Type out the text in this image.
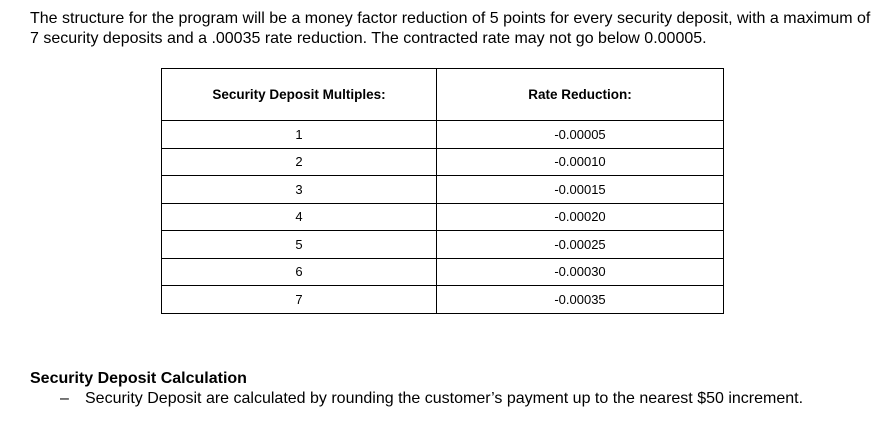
The structure for the program will be a money factor reduction of 5 points for every security deposit, with a maximum of 7 security deposits and a .00035 rate reduction. The contracted rate may not go below 0.00005.

Security Deposit Multiples:	Rate Reduction:
1	-0.00005
2	-0.00010
3	-0.00015
4	-0.00020
5	-0.00025
6	-0.00030
7	-0.00035
Security Deposit Calculation
– Security Deposit are calculated by rounding the customer’s payment up to the nearest $50 increment.
